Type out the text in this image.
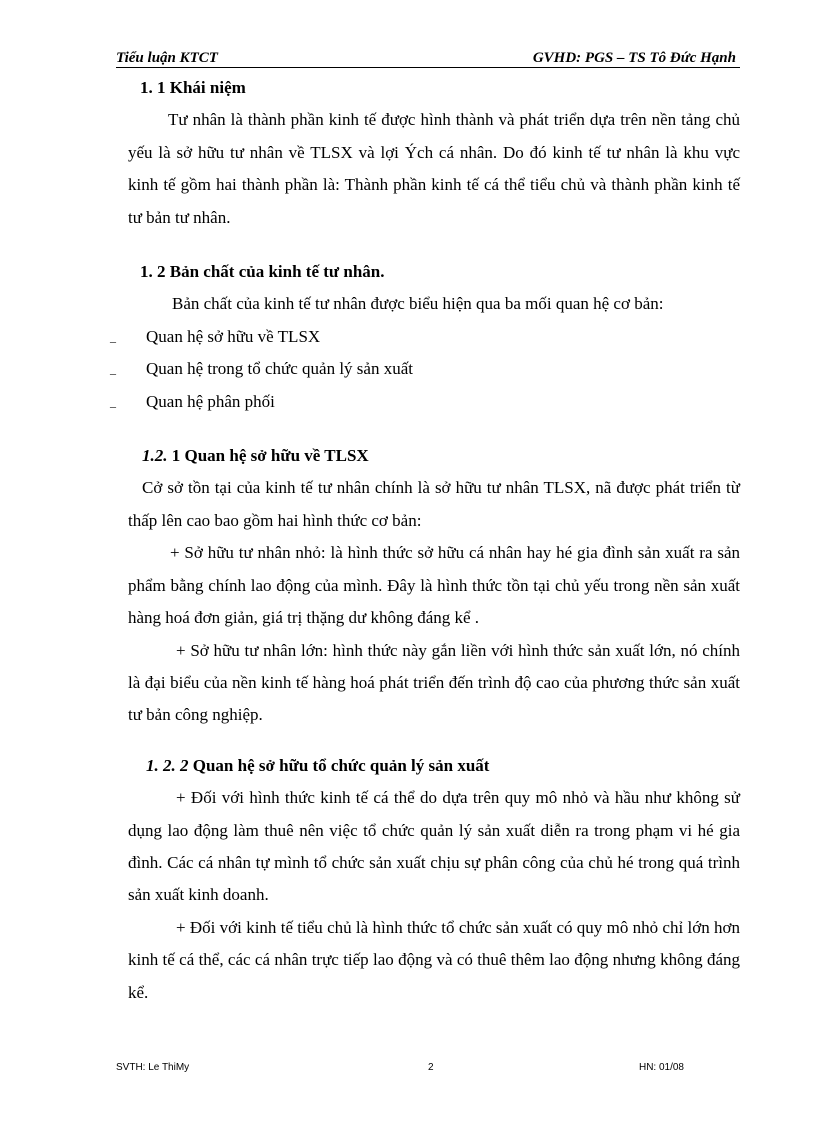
Tiểu luận KTCT	GVHD: PGS – TS Tô Đức Hạnh
1. 1 Khái niệm

Tư nhân là thành phần kinh tế được hình thành và phát triển dựa trên nền tảng chủ yếu là sở hữu tư nhân về TLSX và lợi Ých cá nhân. Do đó kinh tế tư nhân là khu vực kinh tế gồm hai thành phần là: Thành phần kinh tế cá thể tiểu chủ và thành phần kinh tế tư bản tư nhân.

1. 2 Bản chất của kinh tế tư nhân.

Bản chất của kinh tế tư nhân được biểu hiện qua ba mối quan hệ cơ bản:

_ Quan hệ sở hữu về TLSX
_ Quan hệ trong tổ chức quản lý sản xuất
_ Quan hệ phân phối
1.2. 1 Quan hệ sở hữu về TLSX

Cở sở tồn tại của kinh tế tư nhân chính là sở hữu tư nhân TLSX, nã được phát triển từ thấp lên cao bao gồm hai hình thức cơ bản:

+ Sở hữu tư nhân nhỏ: là hình thức sở hữu cá nhân hay hé gia đình sản xuất ra sản phẩm bằng chính lao động của mình. Đây là hình thức tồn tại chủ yếu trong nền sản xuất hàng hoá đơn giản, giá trị thặng dư không đáng kể .

+ Sở hữu tư nhân lớn: hình thức này gắn liền với hình thức sản xuất lớn, nó chính là đại biểu của nền kinh tế hàng hoá phát triển đến trình độ cao của phương thức sản xuất tư bản công nghiệp.

1. 2. 2 Quan hệ sở hữu tổ chức quản lý sản xuất

+ Đối với hình thức kinh tế cá thể do dựa trên quy mô nhỏ và hầu như không sử dụng lao động làm thuê nên việc tổ chức quản lý sản xuất diễn ra trong phạm vi hé gia đình. Các cá nhân tự mình tổ chức sản xuất chịu sự phân công của chủ hé trong quá trình sản xuất kinh doanh.

+ Đối với kinh tế tiểu chủ là hình thức tổ chức sản xuất có quy mô nhỏ chỉ lớn hơn kinh tế cá thể, các cá nhân trực tiếp lao động và có thuê thêm lao động nhưng không đáng kể.

SVTH: Le ThiMy	2	HN: 01/08
